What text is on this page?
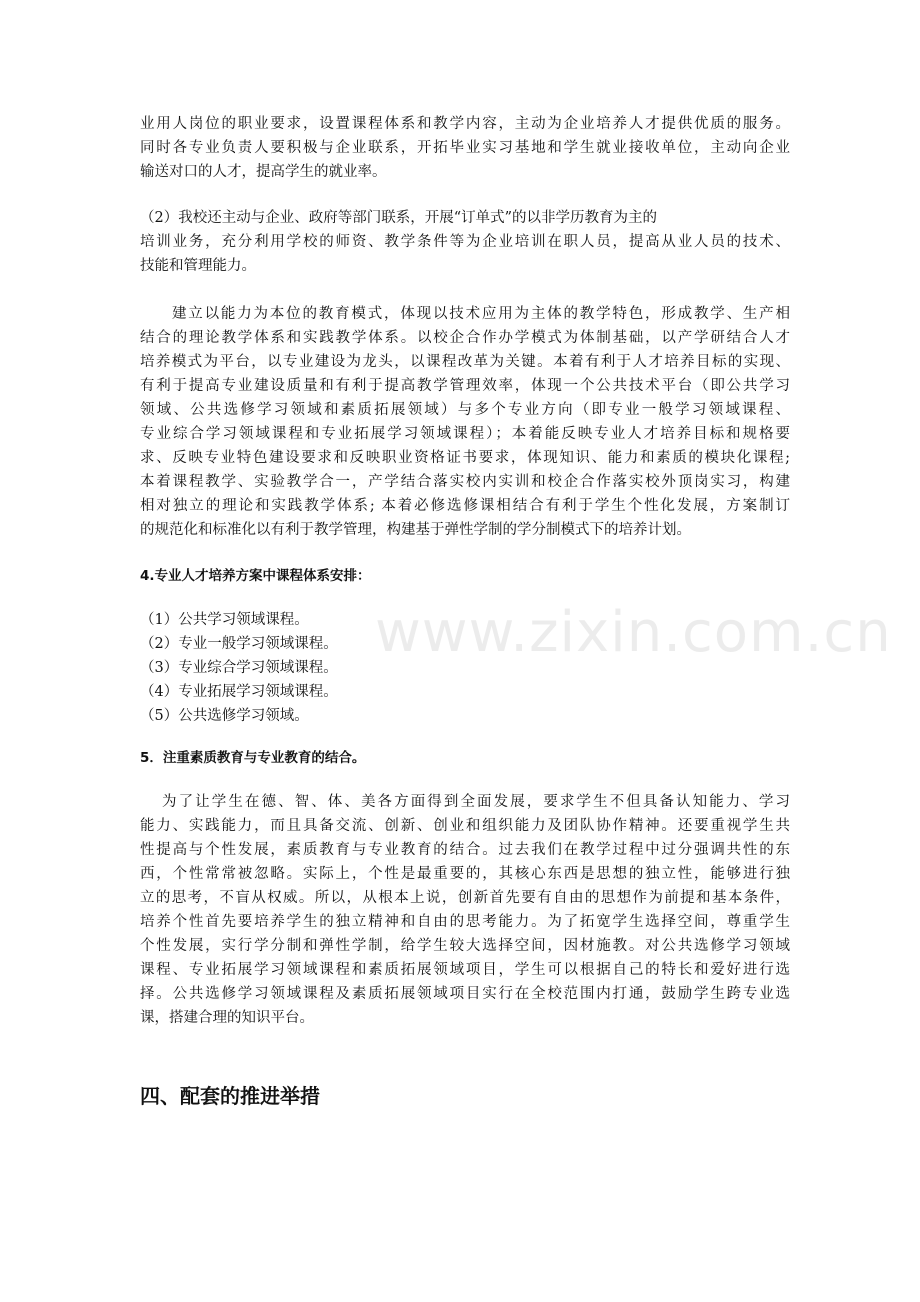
www.zixin.com.cn
业用人岗位的职业要求，设置课程体系和教学内容，主动为企业培养人才提供优质的服务。
同时各专业负责人要积极与企业联系，开拓毕业实习基地和学生就业接收单位，主动向企业
输送对口的人才，提高学生的就业率。
（2）我校还主动与企业、政府等部门联系，开展“订单式”的以非学历教育为主的
培训业务，充分利用学校的师资、教学条件等为企业培训在职人员，提高从业人员的技术、
技能和管理能力。
建立以能力为本位的教育模式，体现以技术应用为主体的教学特色，形成教学、生产相
结合的理论教学体系和实践教学体系。以校企合作办学模式为体制基础，以产学研结合人才
培养模式为平台，以专业建设为龙头，以课程改革为关键。本着有利于人才培养目标的实现、
有利于提高专业建设质量和有利于提高教学管理效率，体现一个公共技术平台（即公共学习
领域、公共选修学习领域和素质拓展领域）与多个专业方向（即专业一般学习领域课程、
专业综合学习领域课程和专业拓展学习领域课程）；本着能反映专业人才培养目标和规格要
求、反映专业特色建设要求和反映职业资格证书要求，体现知识、能力和素质的模块化课程;
本着课程教学、实验教学合一，产学结合落实校内实训和校企合作落实校外顶岗实习，构建
相对独立的理论和实践教学体系; 本着必修选修课相结合有利于学生个性化发展，方案制订
的规范化和标准化以有利于教学管理，构建基于弹性学制的学分制模式下的培养计划。
4.专业人才培养方案中课程体系安排：
（1）公共学习领域课程。
（2）专业一般学习领域课程。
（3）专业综合学习领域课程。
（4）专业拓展学习领域课程。
（5）公共选修学习领域。
5．注重素质教育与专业教育的结合。
为了让学生在德、智、体、美各方面得到全面发展，要求学生不但具备认知能力、学习
能力、实践能力，而且具备交流、创新、创业和组织能力及团队协作精神。还要重视学生共
性提高与个性发展，素质教育与专业教育的结合。过去我们在教学过程中过分强调共性的东
西，个性常常被忽略。实际上，个性是最重要的，其核心东西是思想的独立性，能够进行独
立的思考，不盲从权威。所以，从根本上说，创新首先要有自由的思想作为前提和基本条件，
培养个性首先要培养学生的独立精神和自由的思考能力。为了拓宽学生选择空间，尊重学生
个性发展，实行学分制和弹性学制，给学生较大选择空间，因材施教。对公共选修学习领域
课程、专业拓展学习领域课程和素质拓展领域项目，学生可以根据自己的特长和爱好进行选
择。公共选修学习领域课程及素质拓展领域项目实行在全校范围内打通，鼓励学生跨专业选
课，搭建合理的知识平台。
四、配套的推进举措
